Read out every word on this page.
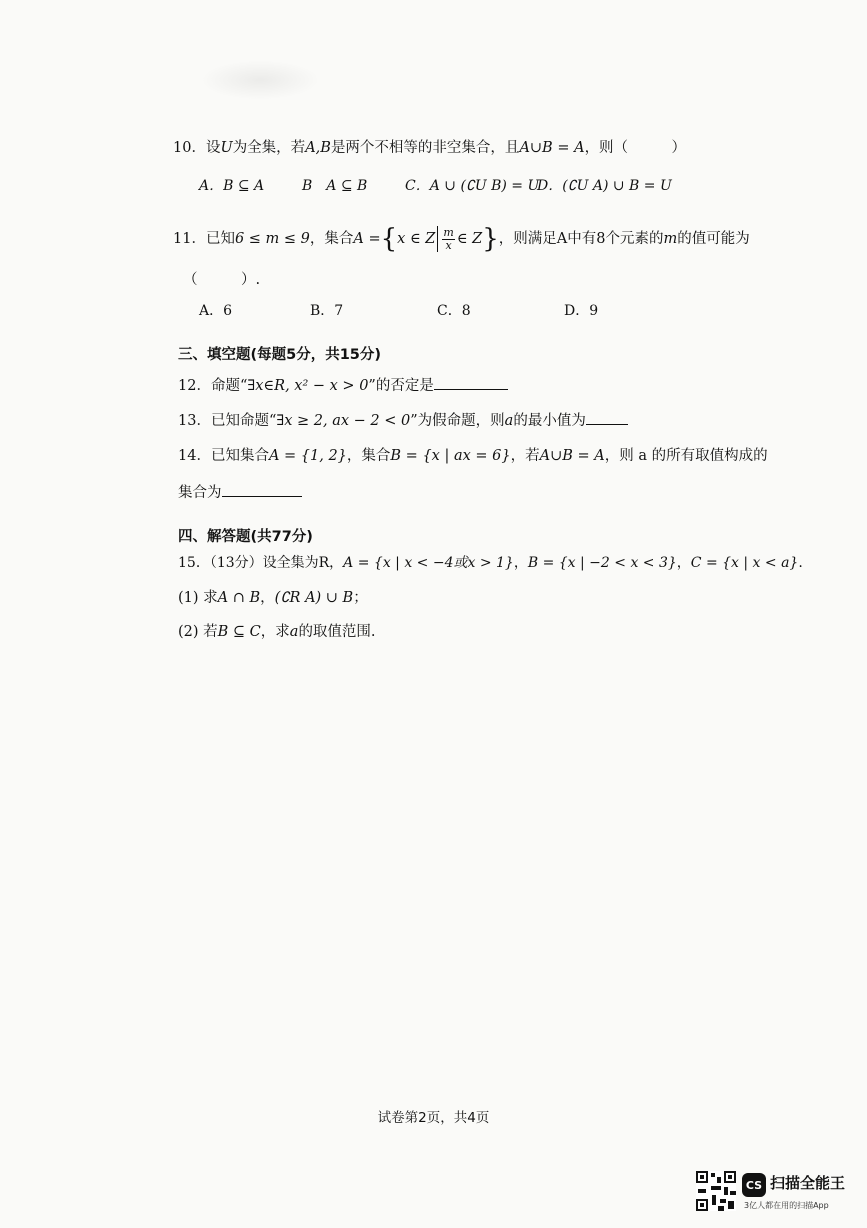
10．设U为全集，若A,B是两个不相等的非空集合，且A∪B = A，则（　　　）
A．B ⊆ A	B　A ⊆ B	C．A ∪ (∁U B) = U
D．(∁U A) ∪ B = U
11．已知6 ≤ m ≤ 9，集合A ={x ∈ Z $\frac{m}{x}$ ∈ Z}，则满足A中有8个元素的m的值可能为
（　　　）.
A．6	B．7	C．8	D．9
三、填空题(每题5分，共15分)
12．命题“∃x∈R, x² − x > 0”的否定是
13．已知命题“∃x ≥ 2, ax − 2 < 0”为假命题，则a的最小值为
14．已知集合A = {1, 2}，集合B = {x | ax = 6}，若A∪B = A，则 a 的所有取值构成的
集合为
四、解答题(共77分)
15．（13分）设全集为R，A = {x | x < −4或x > 1}，B = {x | −2 < x < 3}，C = {x | x < a}.
(1) 求A ∩ B，(∁R A) ∪ B；
(2) 若B ⊆ C，求a的取值范围.
试卷第2页，共4页
CS 扫描全能王
3亿人都在用的扫描App
